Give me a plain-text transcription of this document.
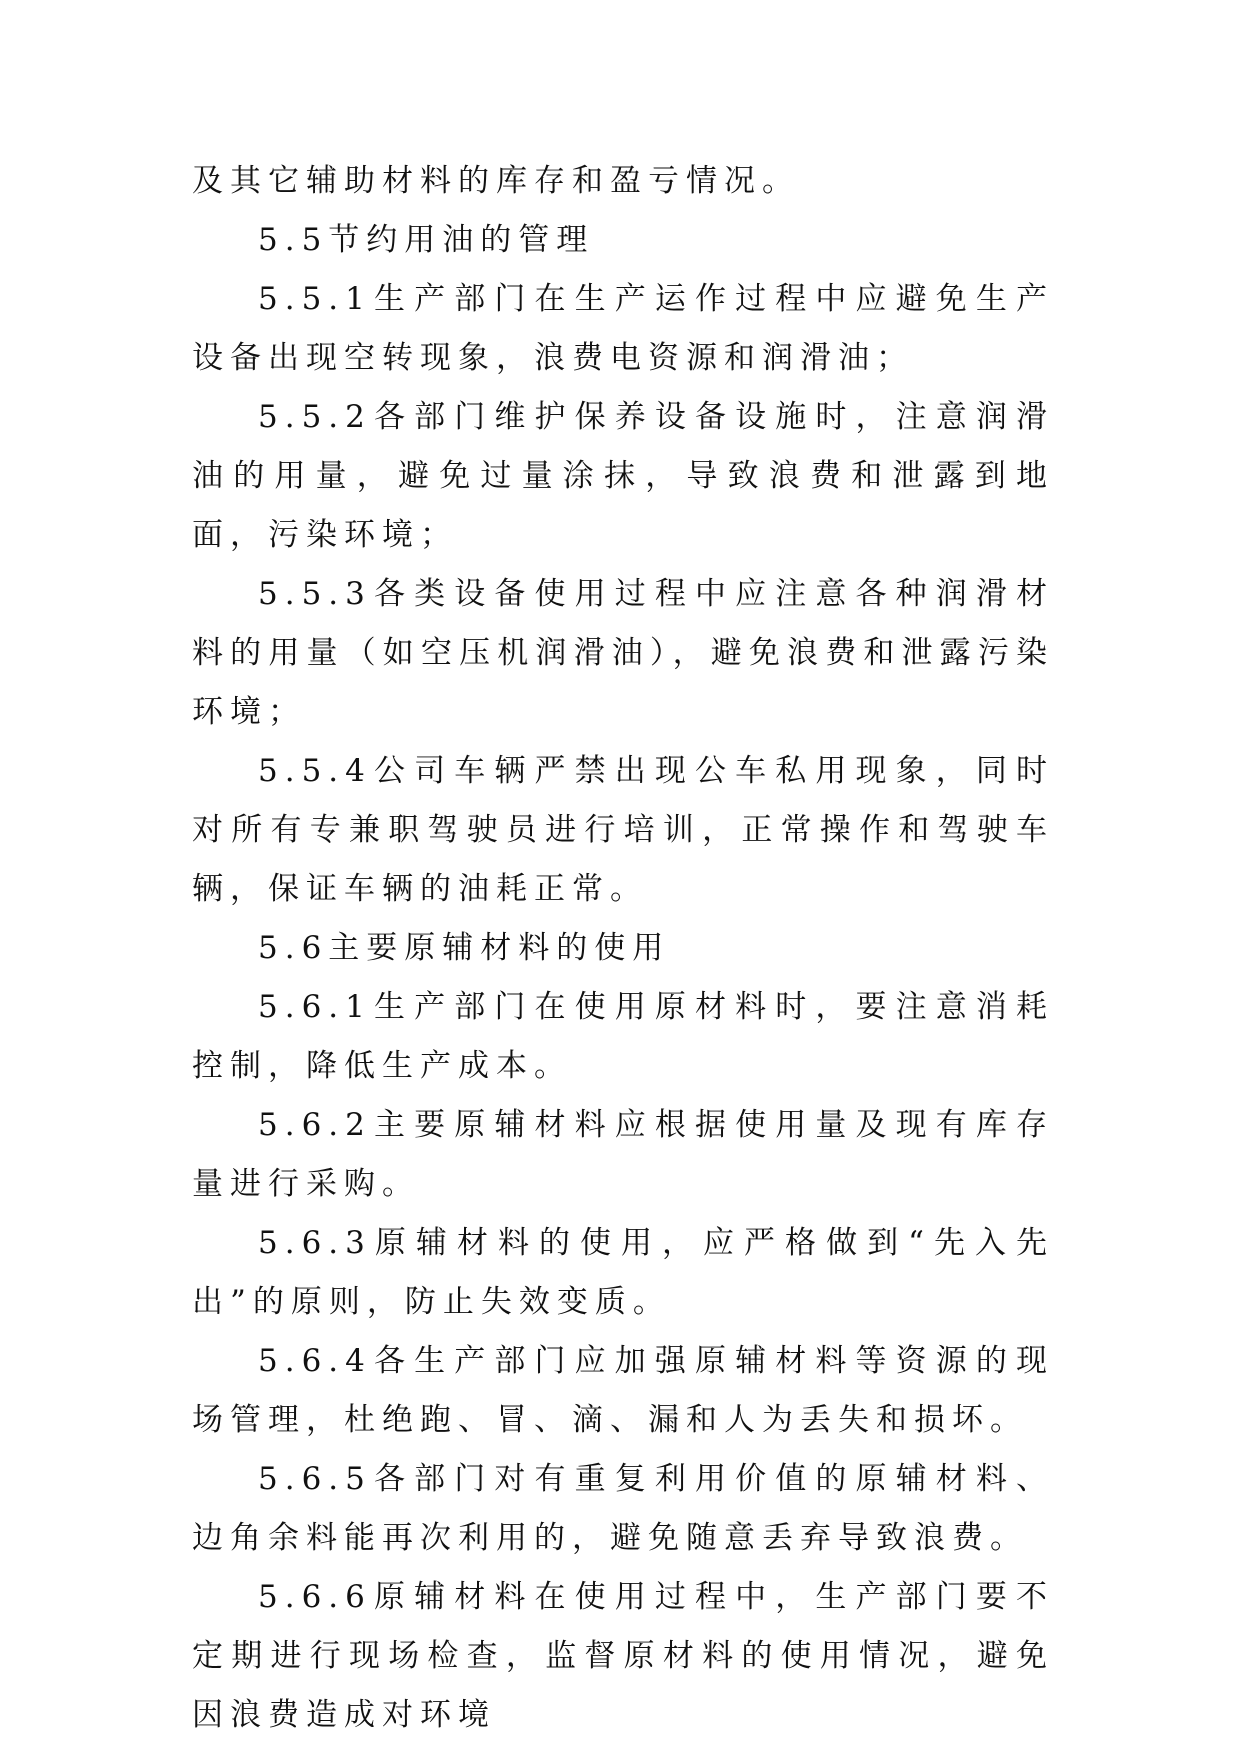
及其它辅助材料的库存和盈亏情况。

5.5节约用油的管理

5.5.1生产部门在生产运作过程中应避免生产设备出现空转现象，浪费电资源和润滑油；

5.5.2各部门维护保养设备设施时，注意润滑油的用量，避免过量涂抹，导致浪费和泄露到地面，污染环境；

5.5.3各类设备使用过程中应注意各种润滑材料的用量（如空压机润滑油），避免浪费和泄露污染环境；

5.5.4公司车辆严禁出现公车私用现象，同时对所有专兼职驾驶员进行培训，正常操作和驾驶车辆，保证车辆的油耗正常。

5.6主要原辅材料的使用

5.6.1生产部门在使用原材料时，要注意消耗控制，降低生产成本。

5.6.2主要原辅材料应根据使用量及现有库存量进行采购。

5.6.3原辅材料的使用，应严格做到“先入先出”的原则，防止失效变质。

5.6.4各生产部门应加强原辅材料等资源的现场管理，杜绝跑、冒、滴、漏和人为丢失和损坏。

5.6.5各部门对有重复利用价值的原辅材料、边角余料能再次利用的，避免随意丢弃导致浪费。

5.6.6原辅材料在使用过程中，生产部门要不定期进行现场检查，监督原材料的使用情况，避免因浪费造成对环境
